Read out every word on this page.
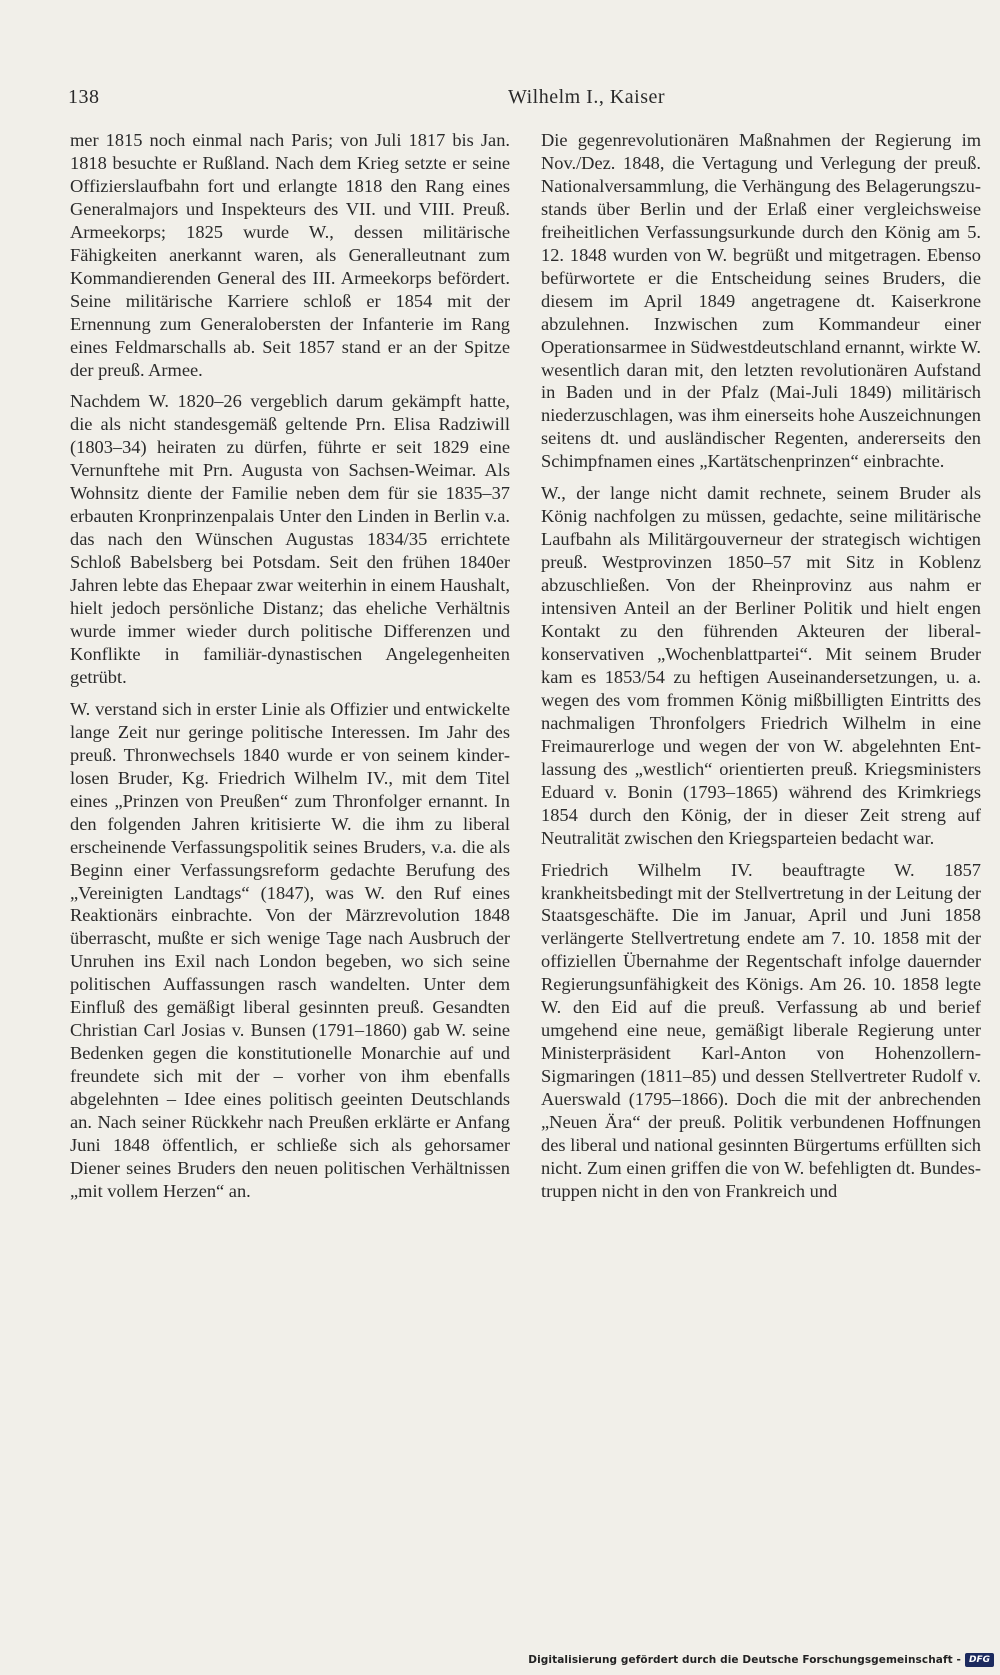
138	Wilhelm I., Kaiser

mer 1815 noch einmal nach Paris; von Juli 1817 bis Jan. 1818 besuchte er Rußland. Nach dem Krieg setzte er seine Offizierslaufbahn fort und erlangte 1818 den Rang eines Generalmajors und Inspekteurs des VII. und VIII. Preuß. Armeekorps; 1825 wurde W., dessen militärische Fähigkeiten anerkannt waren, als Generalleutnant zum Kommandierenden General des III. Armeekorps befördert. Seine militärische Karriere schloß er 1854 mit der Ernennung zum Generalobersten der Infanterie im Rang eines Feldmarschalls ab. Seit 1857 stand er an der Spitze der preuß. Armee.

Nachdem W. 1820–26 vergeblich darum gekämpft hatte, die als nicht standesgemäß geltende Prn. Elisa Radziwill (1803–34) heiraten zu dürfen, führte er seit 1829 eine Vernunftehe mit Prn. Augusta von Sachsen-Weimar. Als Wohnsitz diente der Familie neben dem für sie 1835–37 erbauten Kronprinzenpalais Unter den Linden in Berlin v.a. das nach den Wünschen Augustas 1834/35 errichtete Schloß Babelsberg bei Potsdam. Seit den frühen 1840er Jahren lebte das Ehepaar zwar weiterhin in einem Haushalt, hielt jedoch persönliche Distanz; das eheliche Verhältnis wurde immer wieder durch politische Differenzen und Konflikte in familiär-dynastischen Angelegenheiten getrübt.

W. verstand sich in erster Linie als Offizier und entwickelte lange Zeit nur geringe politische Interessen. Im Jahr des preuß. Thronwechsels 1840 wurde er von seinem kinderlosen Bruder, Kg. Friedrich Wilhelm IV., mit dem Titel eines „Prinzen von Preußen“ zum Thronfolger ernannt. In den folgenden Jahren kritisierte W. die ihm zu liberal erscheinende Verfassungspolitik seines Bruders, v.a. die als Beginn einer Verfassungsreform gedachte Berufung des „Vereinigten Landtags“ (1847), was W. den Ruf eines Reaktionärs einbrachte. Von der Märzrevolution 1848 überrascht, mußte er sich wenige Tage nach Ausbruch der Unruhen ins Exil nach London begeben, wo sich seine politischen Auffassungen rasch wandelten. Unter dem Einfluß des gemäßigt liberal gesinnten preuß. Gesandten Christian Carl Josias v. Bunsen (1791–1860) gab W. seine Bedenken gegen die konstitutionelle Monarchie auf und freundete sich mit der – vorher von ihm ebenfalls abgelehnten – Idee eines politisch geeinten Deutschlands an. Nach seiner Rückkehr nach Preußen erklärte er Anfang Juni 1848 öffentlich, er schließe sich als gehorsamer Diener seines Bruders den neuen politischen Verhältnissen „mit vollem Herzen“ an.

Die gegenrevolutionären Maßnahmen der Regierung im Nov./Dez. 1848, die Vertagung und Verlegung der preuß. Nationalversammlung, die Verhängung des Belagerungszustands über Berlin und der Erlaß einer vergleichsweise freiheitlichen Verfassungsurkunde durch den König am 5. 12. 1848 wurden von W. begrüßt und mitgetragen. Ebenso befürwortete er die Entscheidung seines Bruders, die diesem im April 1849 angetragene dt. Kaiserkrone abzulehnen. Inzwischen zum Kommandeur einer Operationsarmee in Südwestdeutschland ernannt, wirkte W. wesentlich daran mit, den letzten revolutionären Aufstand in Baden und in der Pfalz (Mai-Juli 1849) militärisch niederzuschlagen, was ihm einerseits hohe Auszeichnungen seitens dt. und ausländischer Regenten, andererseits den Schimpfnamen eines „Kartätschenprinzen“ einbrachte.

W., der lange nicht damit rechnete, seinem Bruder als König nachfolgen zu müssen, gedachte, seine militärische Laufbahn als Militärgouverneur der strategisch wichtigen preuß. Westprovinzen 1850–57 mit Sitz in Koblenz abzuschließen. Von der Rheinprovinz aus nahm er intensiven Anteil an der Berliner Politik und hielt engen Kontakt zu den führenden Akteuren der liberal-konservativen „Wochenblattpartei“. Mit seinem Bruder kam es 1853/54 zu heftigen Auseinandersetzungen, u. a. wegen des vom frommen König mißbilligten Eintritts des nachmaligen Thronfolgers Friedrich Wilhelm in eine Freimaurerloge und wegen der von W. abgelehnten Entlassung des „westlich“ orientierten preuß. Kriegsministers Eduard v. Bonin (1793–1865) während des Krimkriegs 1854 durch den König, der in dieser Zeit streng auf Neutralität zwischen den Kriegsparteien bedacht war.

Friedrich Wilhelm IV. beauftragte W. 1857 krankheitsbedingt mit der Stellvertretung in der Leitung der Staatsgeschäfte. Die im Januar, April und Juni 1858 verlängerte Stellvertretung endete am 7. 10. 1858 mit der offiziellen Übernahme der Regentschaft infolge dauernder Regierungsunfähigkeit des Königs. Am 26. 10. 1858 legte W. den Eid auf die preuß. Verfassung ab und berief umgehend eine neue, gemäßigt liberale Regierung unter Ministerpräsident Karl-Anton von Hohenzollern-Sigmaringen (1811–85) und dessen Stellvertreter Rudolf v. Auerswald (1795–1866). Doch die mit der anbrechenden „Neuen Ära“ der preuß. Politik verbundenen Hoffnungen des liberal und national gesinnten Bürgertums erfüllten sich nicht. Zum einen griffen die von W. befehligten dt. Bundestruppen nicht in den von Frankreich und

Digitalisierung gefördert durch die Deutsche Forschungsgemeinschaft - DFG
